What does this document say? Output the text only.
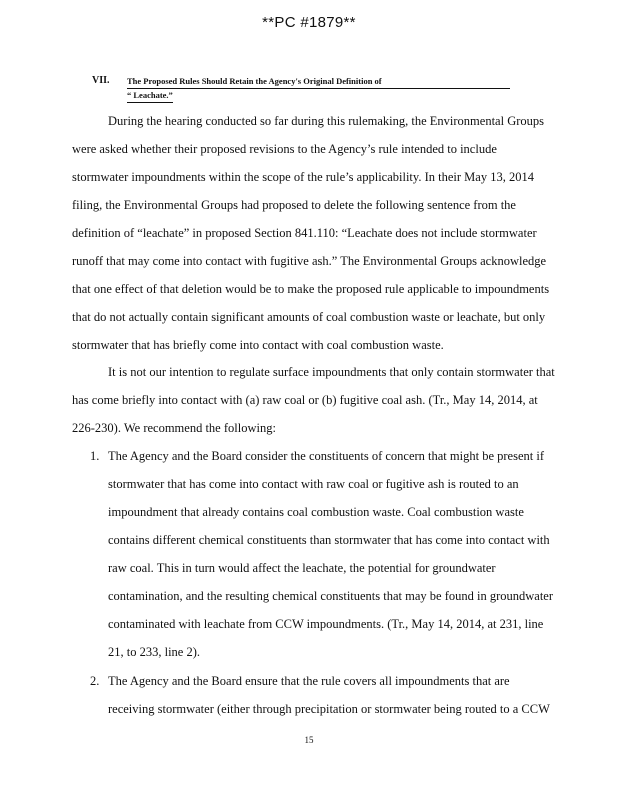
**PC #1879**
VII. The Proposed Rules Should Retain the Agency's Original Definition of
“ Leachate.”
During the hearing conducted so far during this rulemaking, the Environmental Groups
were asked whether their proposed revisions to the Agency’s rule intended to include
stormwater impoundments within the scope of the rule’s applicability. In their May 13, 2014
filing, the Environmental Groups had proposed to delete the following sentence from the
definition of “leachate” in proposed Section 841.110: “Leachate does not include stormwater
runoff that may come into contact with fugitive ash.” The Environmental Groups acknowledge
that one effect of that deletion would be to make the proposed rule applicable to impoundments
that do not actually contain significant amounts of coal combustion waste or leachate, but only
stormwater that has briefly come into contact with coal combustion waste.
It is not our intention to regulate surface impoundments that only contain stormwater that
has come briefly into contact with (a) raw coal or (b) fugitive coal ash. (Tr., May 14, 2014, at
226-230). We recommend the following:
1. The Agency and the Board consider the constituents of concern that might be present if
stormwater that has come into contact with raw coal or fugitive ash is routed to an
impoundment that already contains coal combustion waste. Coal combustion waste
contains different chemical constituents than stormwater that has come into contact with
raw coal. This in turn would affect the leachate, the potential for groundwater
contamination, and the resulting chemical constituents that may be found in groundwater
contaminated with leachate from CCW impoundments. (Tr., May 14, 2014, at 231, line
21, to 233, line 2).
2. The Agency and the Board ensure that the rule covers all impoundments that are
receiving stormwater (either through precipitation or stormwater being routed to a CCW
15
